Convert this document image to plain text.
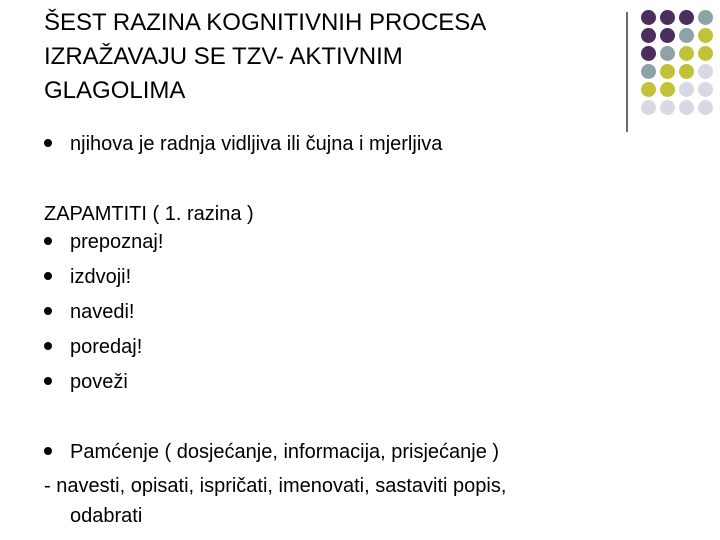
ŠEST RAZINA KOGNITIVNIH PROCESA
IZRAŽAVAJU SE TZV- AKTIVNIM
GLAGOLIMA
njihova je radnja vidljiva ili čujna i mjerljiva
ZAPAMTITI ( 1. razina )
prepoznaj!
izdvoji!
navedi!
poredaj!
poveži
Pamćenje ( dosjećanje, informacija, prisjećanje )
- navesti, opisati, ispričati, imenovati, sastaviti popis,
odabrati
